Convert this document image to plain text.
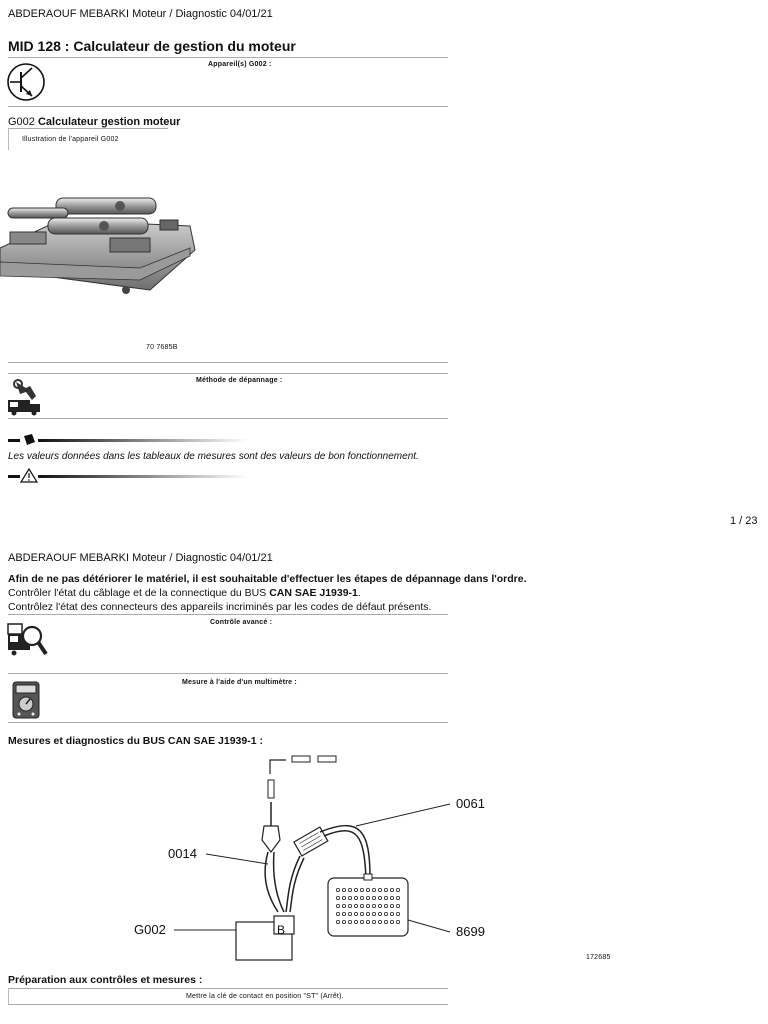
ABDERAOUF MEBARKI Moteur / Diagnostic 04/01/21
MID 128 : Calculateur de gestion du moteur
Appareil(s) G002 :
G002 Calculateur gestion moteur
Illustration de l'appareil G002
70 7685B
Méthode de dépannage :
Les valeurs données dans les tableaux de mesures sont des valeurs de bon fonctionnement.
1 / 23
ABDERAOUF MEBARKI Moteur / Diagnostic 04/01/21
Afin de ne pas détériorer le matériel, il est souhaitable d'effectuer les étapes de dépannage dans l'ordre.
Contrôler l'état du câblage et de la connectique du BUS CAN SAE J1939-1.
Contrôlez l'état des connecteurs des appareils incriminés par les codes de défaut présents.
Contrôle avancé :
Mesure à l'aide d'un multimètre :
Mesures et diagnostics du BUS CAN SAE J1939-1 :
0061
0014
G002	8699
B
172685
Préparation aux contrôles et mesures :
Mettre la clé de contact en position "ST" (Arrêt).
